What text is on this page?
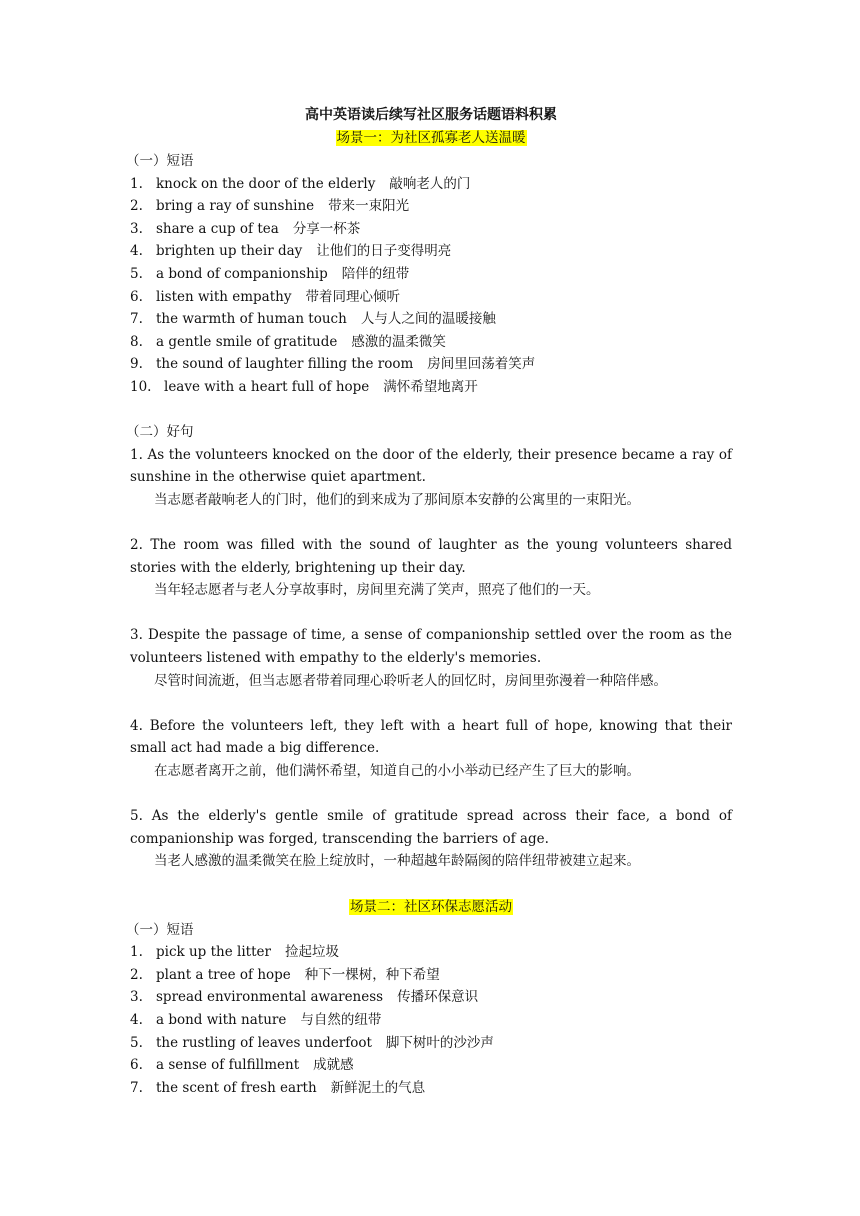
高中英语读后续写社区服务话题语料积累
场景一：为社区孤寡老人送温暖
（一）短语
1. knock on the door of the elderly 敲响老人的门
2. bring a ray of sunshine 带来一束阳光
3. share a cup of tea 分享一杯茶
4. brighten up their day 让他们的日子变得明亮
5. a bond of companionship 陪伴的纽带
6. listen with empathy 带着同理心倾听
7. the warmth of human touch 人与人之间的温暖接触
8. a gentle smile of gratitude 感激的温柔微笑
9. the sound of laughter filling the room 房间里回荡着笑声
10. leave with a heart full of hope 满怀希望地离开
（二）好句
1. As the volunteers knocked on the door of the elderly, their presence became a ray of sunshine in the otherwise quiet apartment.
当志愿者敲响老人的门时，他们的到来成为了那间原本安静的公寓里的一束阳光。
2. The room was filled with the sound of laughter as the young volunteers shared stories with the elderly, brightening up their day.
当年轻志愿者与老人分享故事时，房间里充满了笑声，照亮了他们的一天。
3. Despite the passage of time, a sense of companionship settled over the room as the volunteers listened with empathy to the elderly's memories.
尽管时间流逝，但当志愿者带着同理心聆听老人的回忆时，房间里弥漫着一种陪伴感。
4. Before the volunteers left, they left with a heart full of hope, knowing that their small act had made a big difference.
在志愿者离开之前，他们满怀希望，知道自己的小小举动已经产生了巨大的影响。
5. As the elderly's gentle smile of gratitude spread across their face, a bond of companionship was forged, transcending the barriers of age.
当老人感激的温柔微笑在脸上绽放时，一种超越年龄隔阂的陪伴纽带被建立起来。
场景二：社区环保志愿活动
（一）短语
1. pick up the litter 捡起垃圾
2. plant a tree of hope 种下一棵树，种下希望
3. spread environmental awareness 传播环保意识
4. a bond with nature 与自然的纽带
5. the rustling of leaves underfoot 脚下树叶的沙沙声
6. a sense of fulfillment 成就感
7. the scent of fresh earth 新鲜泥土的气息
